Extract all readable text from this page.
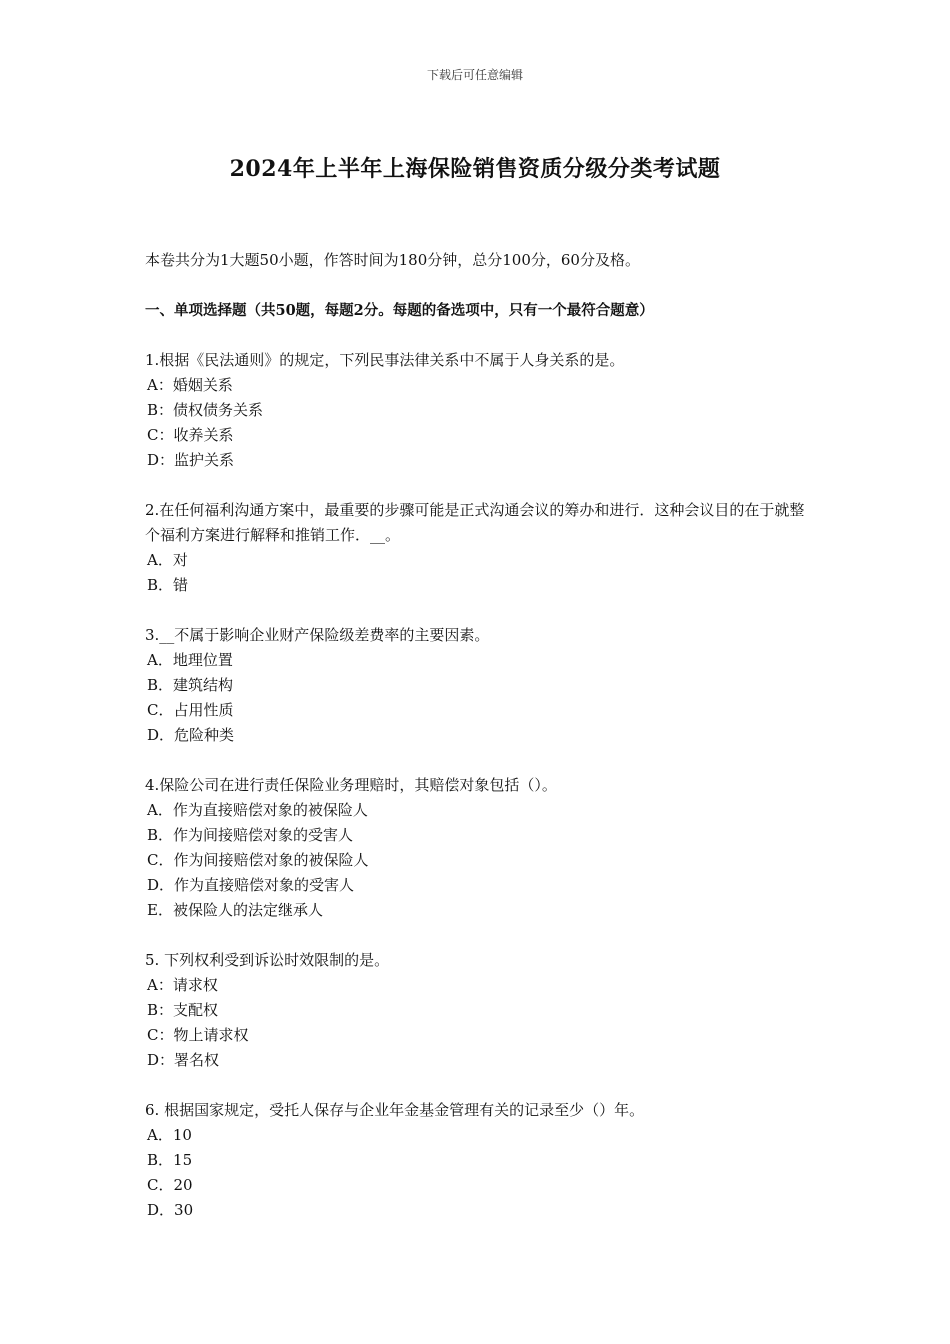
下载后可任意编辑
2024年上半年上海保险销售资质分级分类考试题
本卷共分为1大题50小题，作答时间为180分钟，总分100分，60分及格。
一、单项选择题（共50题，每题2分。每题的备选项中，只有一个最符合题意）
1.根据《民法通则》的规定，下列民事法律关系中不属于人身关系的是。
A：婚姻关系
B：债权债务关系
C：收养关系
D：监护关系
2.在任何福利沟通方案中，最重要的步骤可能是正式沟通会议的筹办和进行．这种会议目的在于就整个福利方案进行解释和推销工作．__。
A．对
B．错
3.__不属于影响企业财产保险级差费率的主要因素。
A．地理位置
B．建筑结构
C．占用性质
D．危险种类
4.保险公司在进行责任保险业务理赔时，其赔偿对象包括（）。
A．作为直接赔偿对象的被保险人
B．作为间接赔偿对象的受害人
C．作为间接赔偿对象的被保险人
D．作为直接赔偿对象的受害人
E．被保险人的法定继承人
5. 下列权利受到诉讼时效限制的是。
A：请求权
B：支配权
C：物上请求权
D：署名权
6. 根据国家规定，受托人保存与企业年金基金管理有关的记录至少（）年。
A．10
B．15
C．20
D．30
